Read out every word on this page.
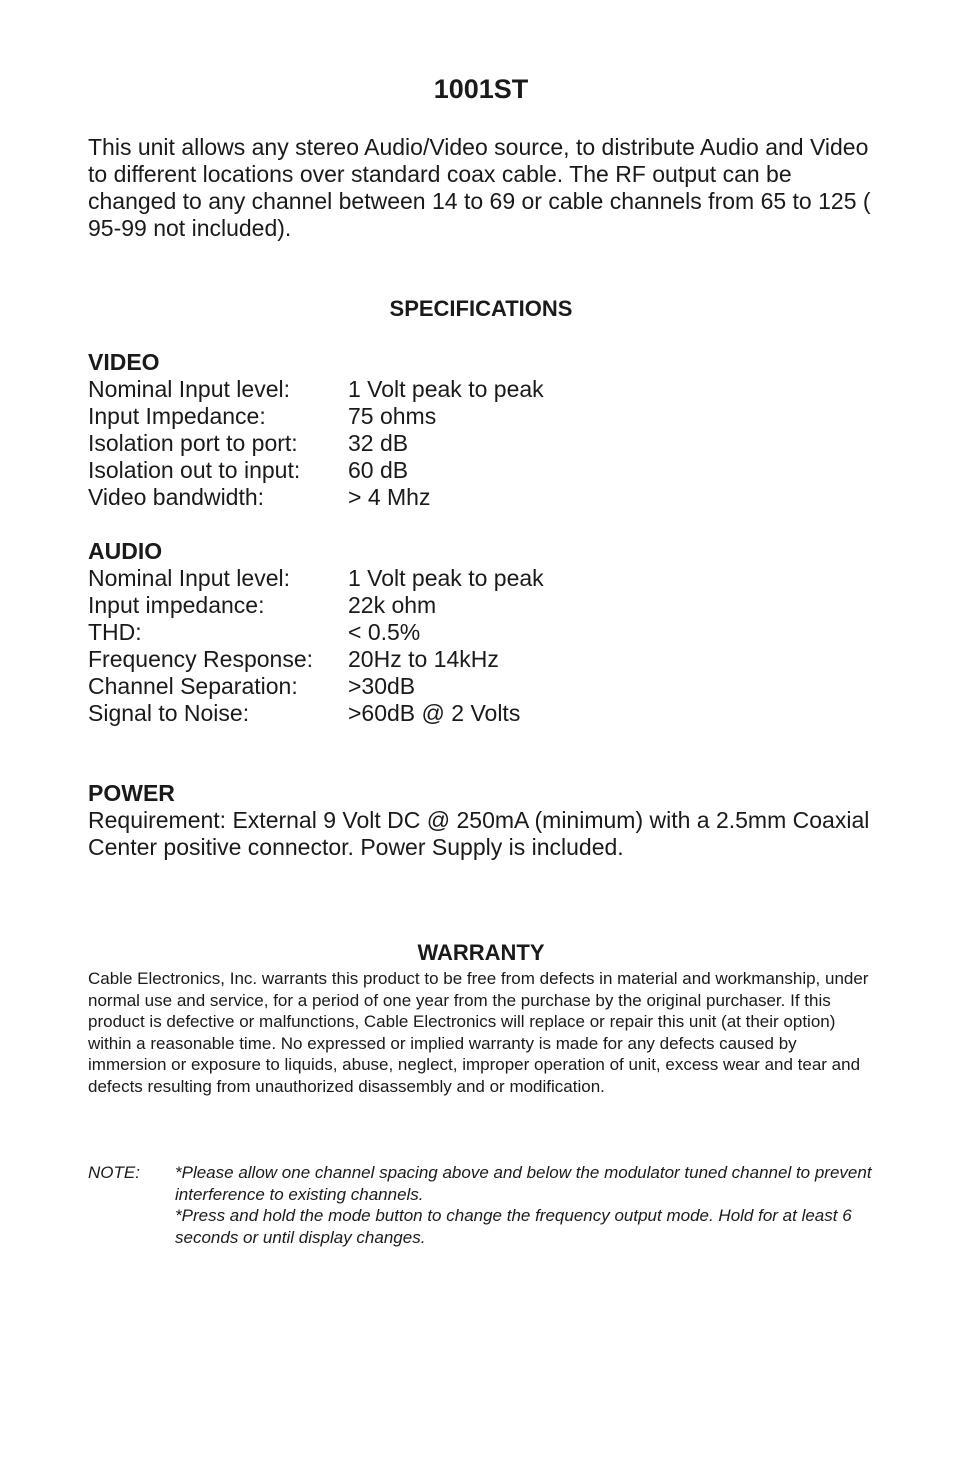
1001ST

This unit allows any stereo Audio/Video source, to distribute Audio and Video to different locations over standard coax cable. The RF output can be changed to any channel between 14 to 69 or cable channels from 65 to 125 ( 95-99 not included).

SPECIFICATIONS
VIDEO
Nominal Input level:	1 Volt peak to peak
Input Impedance:	75 ohms
Isolation port to port:	32 dB
Isolation out to input:	60 dB
Video bandwidth:	> 4 Mhz
AUDIO
Nominal Input level:	1 Volt peak to peak
Input impedance:	22k ohm
THD:	< 0.5%
Frequency Response:	20Hz to 14kHz
Channel Separation:	>30dB
Signal to Noise:	>60dB @ 2 Volts
POWER

Requirement: External 9 Volt DC @ 250mA (minimum) with a 2.5mm Coaxial Center positive connector. Power Supply is included.

WARRANTY

Cable Electronics, Inc. warrants this product to be free from defects in material and workmanship, under normal use and service, for a period of one year from the purchase by the original purchaser. If this product is defective or malfunctions, Cable Electronics will replace or repair this unit (at their option) within a reasonable time. No expressed or implied warranty is made for any defects caused by immersion or exposure to liquids, abuse, neglect, improper operation of unit, excess wear and tear and defects resulting from unauthorized disassembly and or modification.

NOTE:	*Please allow one channel spacing above and below the modulator tuned channel to prevent interference to existing channels.

*Press and hold the mode button to change the frequency output mode. Hold for at least 6 seconds or until display changes.
